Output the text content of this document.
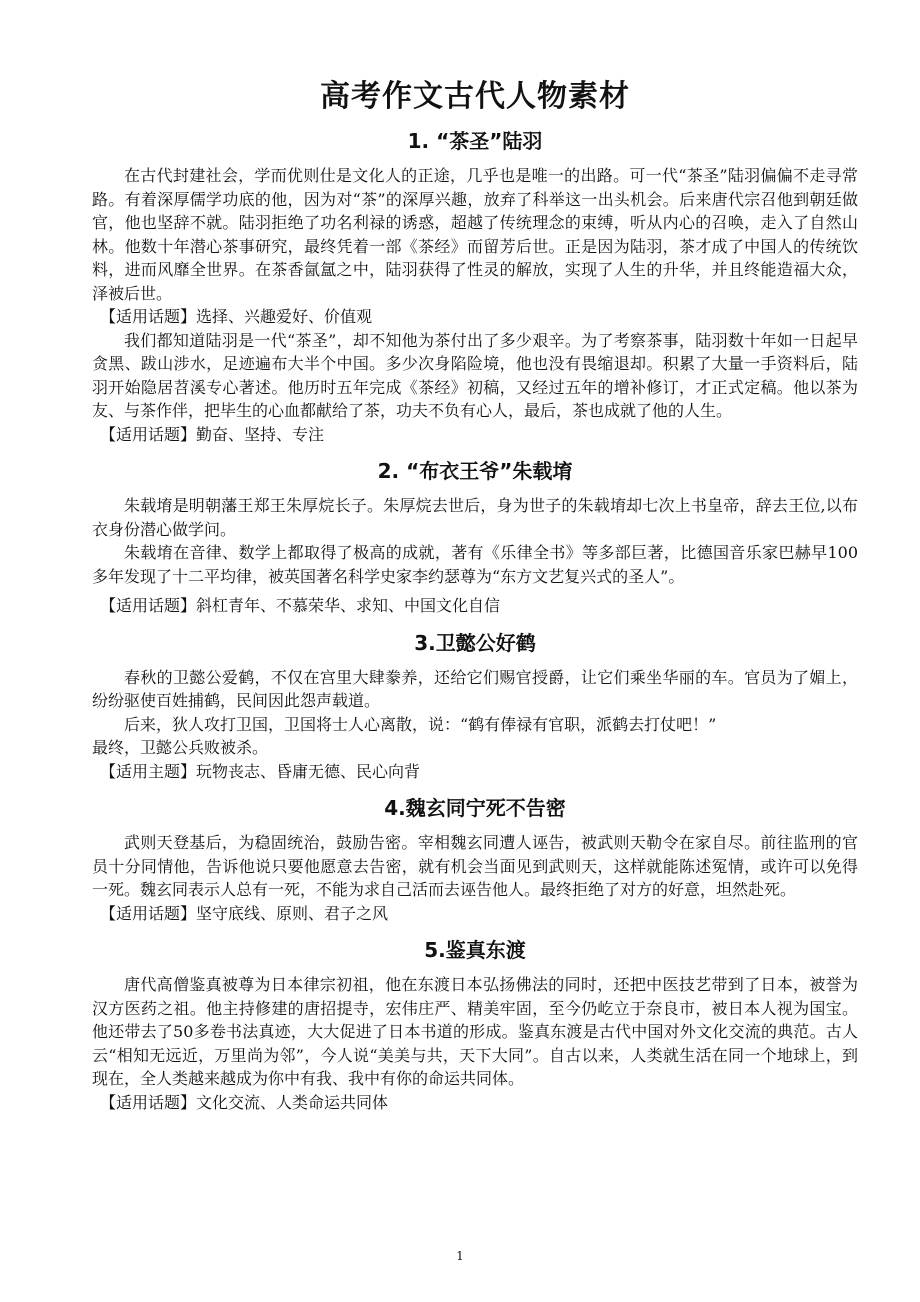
高考作文古代人物素材
1. “茶圣”陆羽

在古代封建社会，学而优则仕是文化人的正途，几乎也是唯一的出路。可一代“茶圣”陆羽偏偏不走寻常路。有着深厚儒学功底的他，因为对“茶”的深厚兴趣，放弃了科举这一出头机会。后来唐代宗召他到朝廷做官，他也坚辞不就。陆羽拒绝了功名利禄的诱惑，超越了传统理念的束缚，听从内心的召唤，走入了自然山林。他数十年潜心茶事研究，最终凭着一部《茶经》而留芳后世。正是因为陆羽，茶才成了中国人的传统饮料，进而风靡全世界。在茶香氤氲之中，陆羽获得了性灵的解放，实现了人生的升华，并且终能造福大众，泽被后世。

【适用话题】选择、兴趣爱好、价值观

我们都知道陆羽是一代“茶圣”，却不知他为茶付出了多少艰辛。为了考察茶事，陆羽数十年如一日起早贪黑、跋山涉水，足迹遍布大半个中国。多少次身陷险境，他也没有畏缩退却。积累了大量一手资料后，陆羽开始隐居苕溪专心著述。他历时五年完成《茶经》初稿，又经过五年的增补修订，才正式定稿。他以茶为友、与茶作伴，把毕生的心血都献给了茶，功夫不负有心人，最后，茶也成就了他的人生。

【适用话题】勤奋、坚持、专注

2. “布衣王爷”朱载堉

朱载堉是明朝藩王郑王朱厚烷长子。朱厚烷去世后，身为世子的朱载堉却七次上书皇帝，辞去王位,以布衣身份潜心做学问。

朱载堉在音律、数学上都取得了极高的成就，著有《乐律全书》等多部巨著，比德国音乐家巴赫早100多年发现了十二平均律，被英国著名科学史家李约瑟尊为“东方文艺复兴式的圣人”。

【适用话题】斜杠青年、不慕荣华、求知、中国文化自信

3.卫懿公好鹤

春秋的卫懿公爱鹤，不仅在宫里大肆豢养，还给它们赐官授爵，让它们乘坐华丽的车。官员为了媚上，纷纷驱使百姓捕鹤，民间因此怨声载道。

后来，狄人攻打卫国，卫国将士人心离散，说：“鹤有俸禄有官职，派鹤去打仗吧！”

最终，卫懿公兵败被杀。

【适用主题】玩物丧志、昏庸无德、民心向背

4.魏玄同宁死不告密

武则天登基后，为稳固统治，鼓励告密。宰相魏玄同遭人诬告，被武则天勒令在家自尽。前往监刑的官员十分同情他，告诉他说只要他愿意去告密，就有机会当面见到武则天，这样就能陈述冤情，或许可以免得一死。魏玄同表示人总有一死，不能为求自己活而去诬告他人。最终拒绝了对方的好意，坦然赴死。

【适用话题】坚守底线、原则、君子之风

5.鉴真东渡

唐代高僧鉴真被尊为日本律宗初祖，他在东渡日本弘扬佛法的同时，还把中医技艺带到了日本，被誉为汉方医药之祖。他主持修建的唐招提寺，宏伟庄严、精美牢固，至今仍屹立于奈良市，被日本人视为国宝。他还带去了50多卷书法真迹，大大促进了日本书道的形成。鉴真东渡是古代中国对外文化交流的典范。古人云“相知无远近，万里尚为邻”，今人说“美美与共，天下大同”。自古以来，人类就生活在同一个地球上，到现在，全人类越来越成为你中有我、我中有你的命运共同体。

【适用话题】文化交流、人类命运共同体

1
